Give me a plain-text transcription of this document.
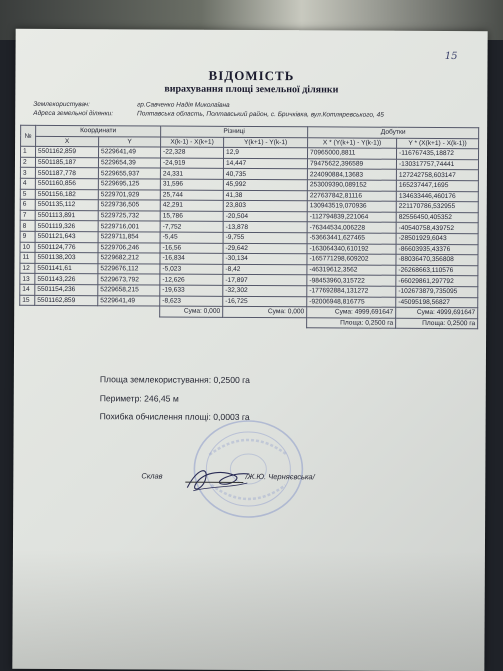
15
ВІДОМІСТЬ
вирахування площі земельної ділянки
Землекористувач:	гр.Савченко Надія Миколаївна
Адреса земельної ділянки:	Полтавська область, Полтавський район, с. Бричківка, вул.Котляревського, 45
№	Координати		Різниці		Добутки	
	X	Y	X(k-1) - X(k+1)	Y(k+1) - Y(k-1)	X * (Y(k+1) - Y(k-1))	Y * (X(k+1) - X(k-1))
1	5501162,859	5229641,49	-22,328	12,9	70965000,8811	-116767435,18872
2	5501185,187	5229654,39	-24,919	14,447	79475622,396589	-130317757,74441
3	5501187,778	5229655,937	24,331	40,735	224090884,13683	127242758,603147
4	5501160,856	5229695,125	31,596	45,992	253009390,089152	165237447,1695
5	5501156,182	5229701,929	25,744	41,38	227637842,81116	134633446,460176
6	5501135,112	5229736,505	42,291	23,803	130943519,070936	221170786,532955
7	5501113,891	5229725,732	15,786	-20,504	-112794839,221064	82556450,405352
8	5501119,326	5229716,001	-7,752	-13,878	-76344534,006228	-40540758,439752
9	5501121,643	5229711,854	-5,45	-9,755	-53663441,627465	-28501929,6043
10	5501124,776	5229706,246	-16,56	-29,642	-163064340,610192	-86603935,43376
11	5501138,203	5229682,212	-16,834	-30,134	-165771298,609202	-88036470,356808
12	5501141,61	5229676,112	-5,023	-8,42	-46319612,3562	-26268663,110576
13	5501143,226	5229673,792	-12,626	-17,897	-98453960,315722	-66029861,297792
14	5501154,236	5229658,215	-19,633	-32,302	-177692884,131272	-102673879,735095
15	5501162,859	5229641,49	-8,623	-16,725	-92006948,816775	-45095198,56827
			Сума: 0,000	Сума: 0,000	Сума: 4999,691647	Сума: 4999,691647
					Площа: 0,2500 га	Площа: 0,2500 га
Площа землекористування: 0,2500 га
Периметр: 246,45 м
Похибка обчислення площі: 0,0003 га
Склав	/Ж.Ю. Черняєвська/
